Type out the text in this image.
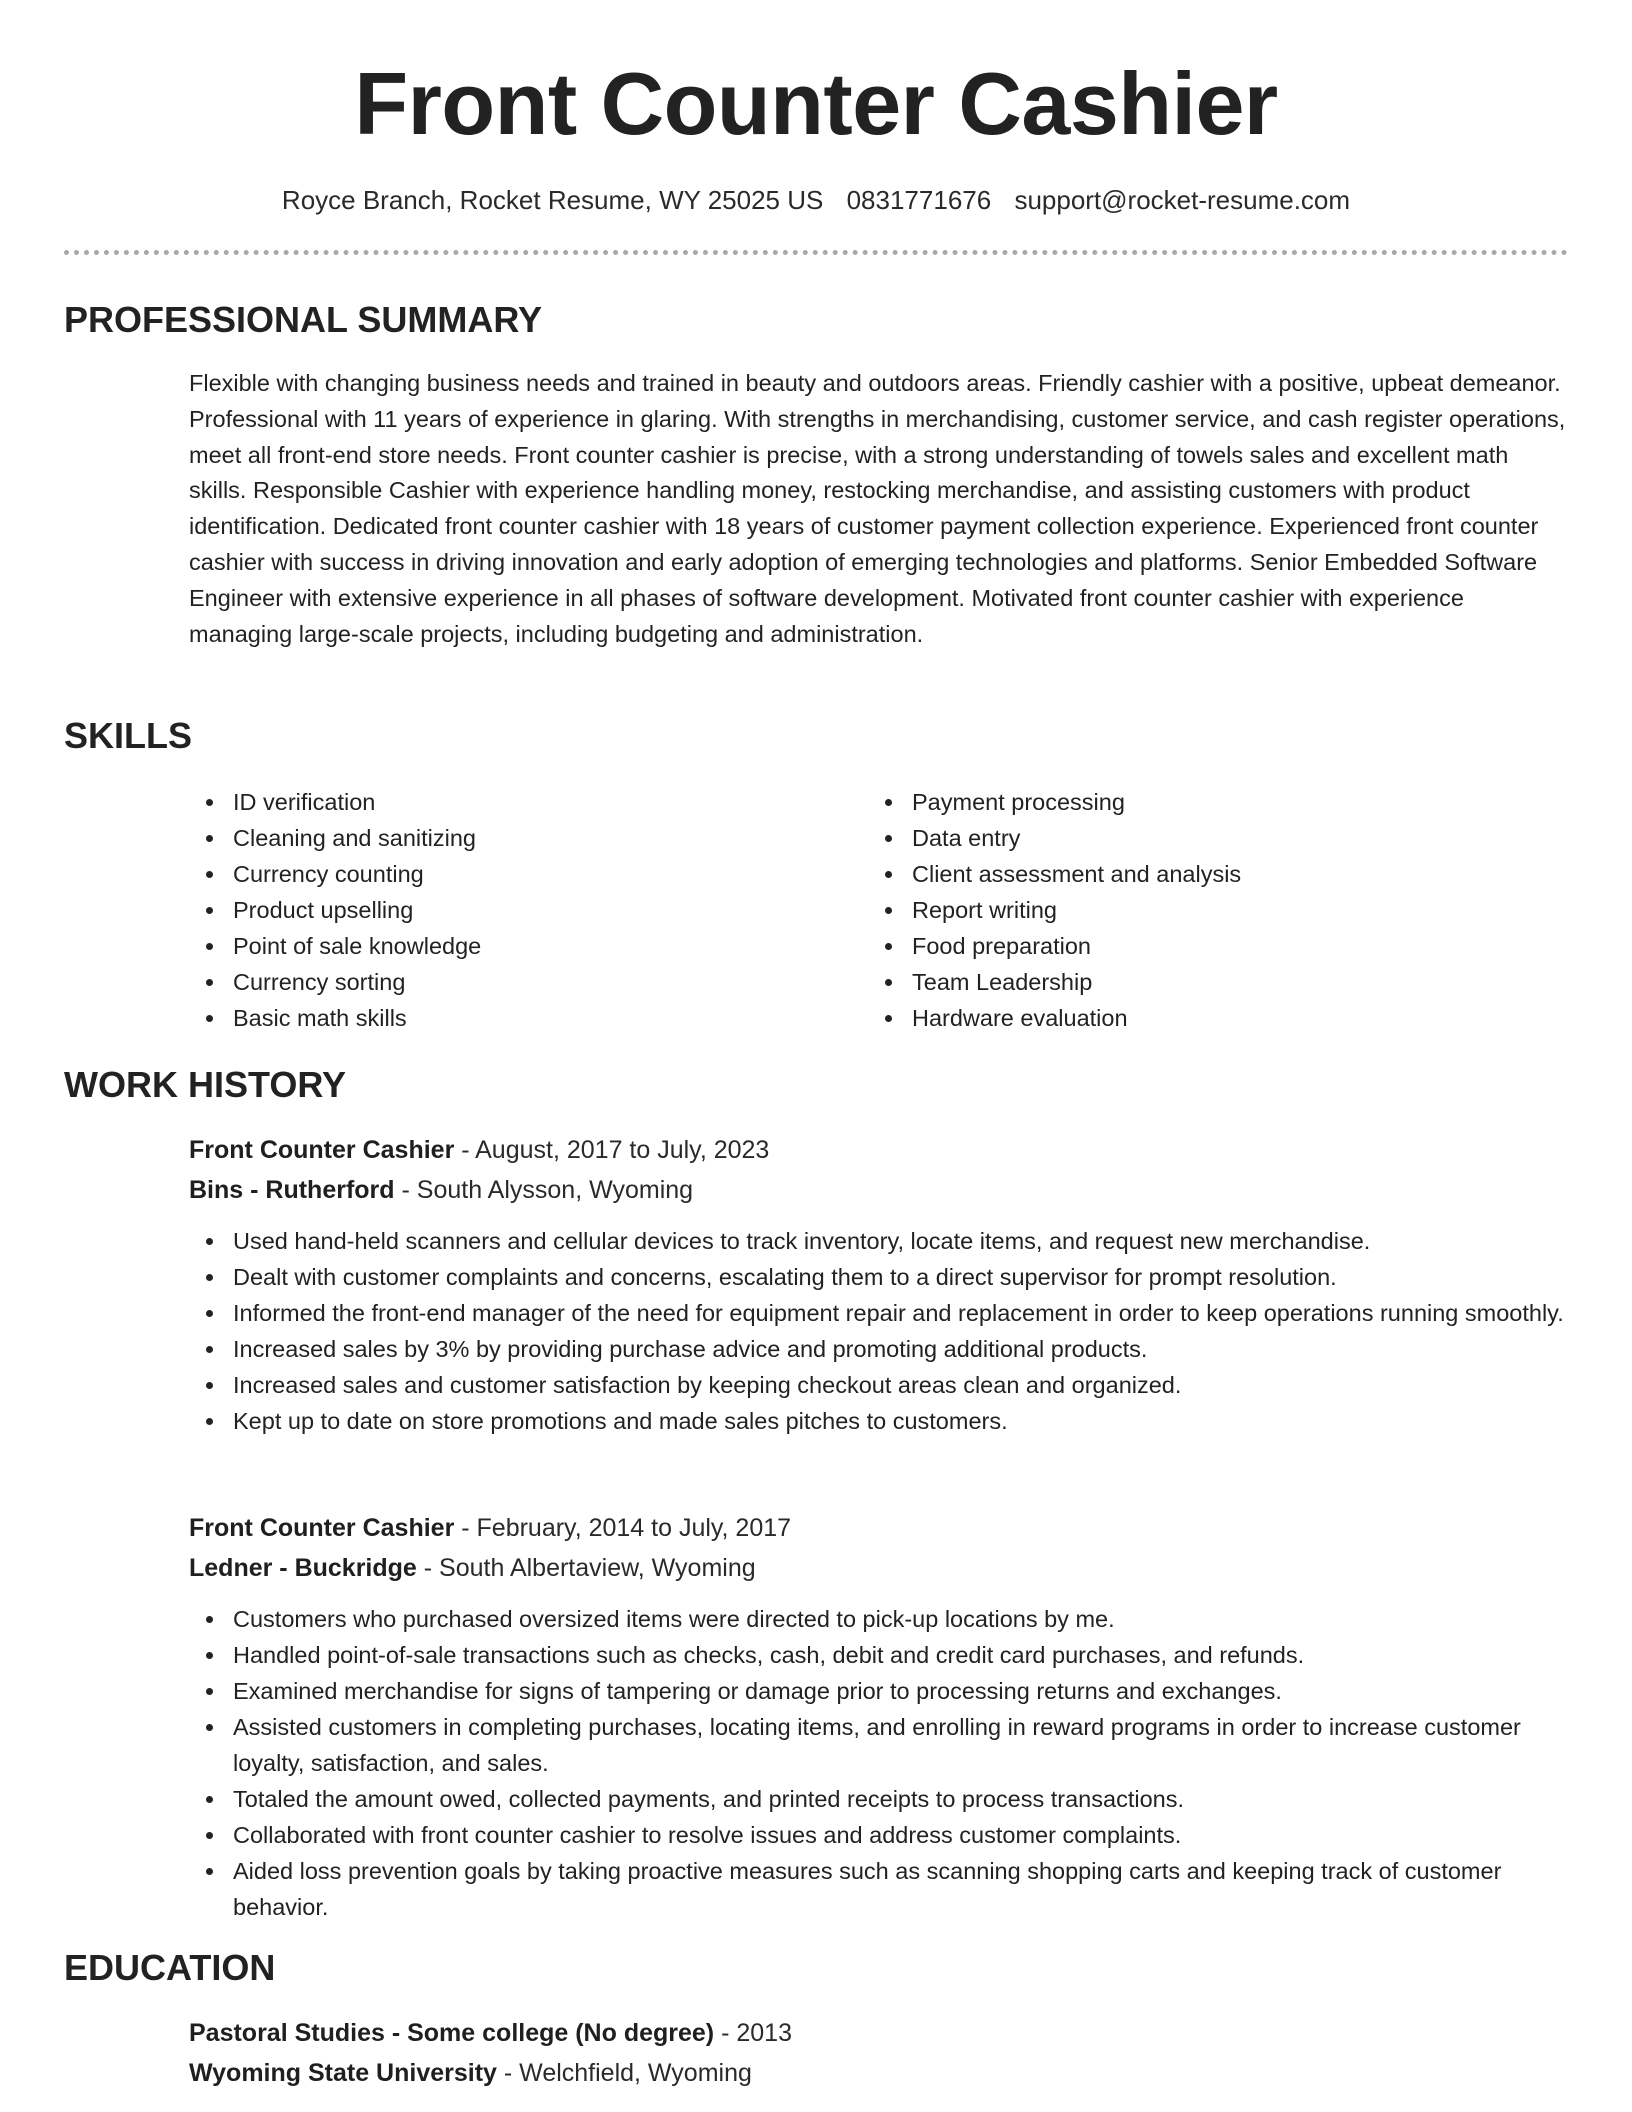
Front Counter Cashier
Royce Branch, Rocket Resume, WY 25025 US 0831771676 support@rocket-resume.com
PROFESSIONAL SUMMARY

Flexible with changing business needs and trained in beauty and outdoors areas. Friendly cashier with a positive, upbeat demeanor. Professional with 11 years of experience in glaring. With strengths in merchandising, customer service, and cash register operations, meet all front-end store needs. Front counter cashier is precise, with a strong understanding of towels sales and excellent math skills. Responsible Cashier with experience handling money, restocking merchandise, and assisting customers with product identification. Dedicated front counter cashier with 18 years of customer payment collection experience. Experienced front counter cashier with success in driving innovation and early adoption of emerging technologies and platforms. Senior Embedded Software Engineer with extensive experience in all phases of software development. Motivated front counter cashier with experience managing large-scale projects, including budgeting and administration.

SKILLS
ID verification
Cleaning and sanitizing
Currency counting
Product upselling
Point of sale knowledge
Currency sorting
Basic math skills
Payment processing
Data entry
Client assessment and analysis
Report writing
Food preparation
Team Leadership
Hardware evaluation
WORK HISTORY
Front Counter Cashier - August, 2017 to July, 2023
Bins - Rutherford - South Alysson, Wyoming
Used hand-held scanners and cellular devices to track inventory, locate items, and request new merchandise.
Dealt with customer complaints and concerns, escalating them to a direct supervisor for prompt resolution.
Informed the front-end manager of the need for equipment repair and replacement in order to keep operations running smoothly.
Increased sales by 3% by providing purchase advice and promoting additional products.
Increased sales and customer satisfaction by keeping checkout areas clean and organized.
Kept up to date on store promotions and made sales pitches to customers.
Front Counter Cashier - February, 2014 to July, 2017
Ledner - Buckridge - South Albertaview, Wyoming
Customers who purchased oversized items were directed to pick-up locations by me.
Handled point-of-sale transactions such as checks, cash, debit and credit card purchases, and refunds.
Examined merchandise for signs of tampering or damage prior to processing returns and exchanges.
Assisted customers in completing purchases, locating items, and enrolling in reward programs in order to increase customer loyalty, satisfaction, and sales.
Totaled the amount owed, collected payments, and printed receipts to process transactions.
Collaborated with front counter cashier to resolve issues and address customer complaints.
Aided loss prevention goals by taking proactive measures such as scanning shopping carts and keeping track of customer behavior.
EDUCATION
Pastoral Studies - Some college (No degree) - 2013
Wyoming State University - Welchfield, Wyoming
